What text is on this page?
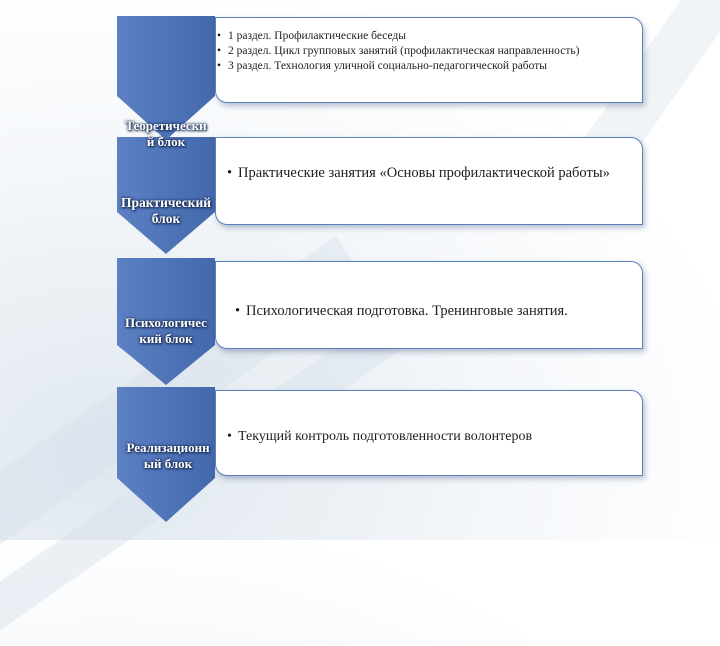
• 1 раздел. Профилактические беседы
• 2 раздел. Цикл групповых занятий (профилактическая направленность)
• 3 раздел. Технология уличной социально-педагогической работы
Теоретически
й блок
• Практические занятия «Основы профилактической работы»
Практический
блок
• Психологическая подготовка. Тренинговые занятия.
Психологичес
кий блок
• Текущий контроль подготовленности волонтеров
Реализационн
ый блок
